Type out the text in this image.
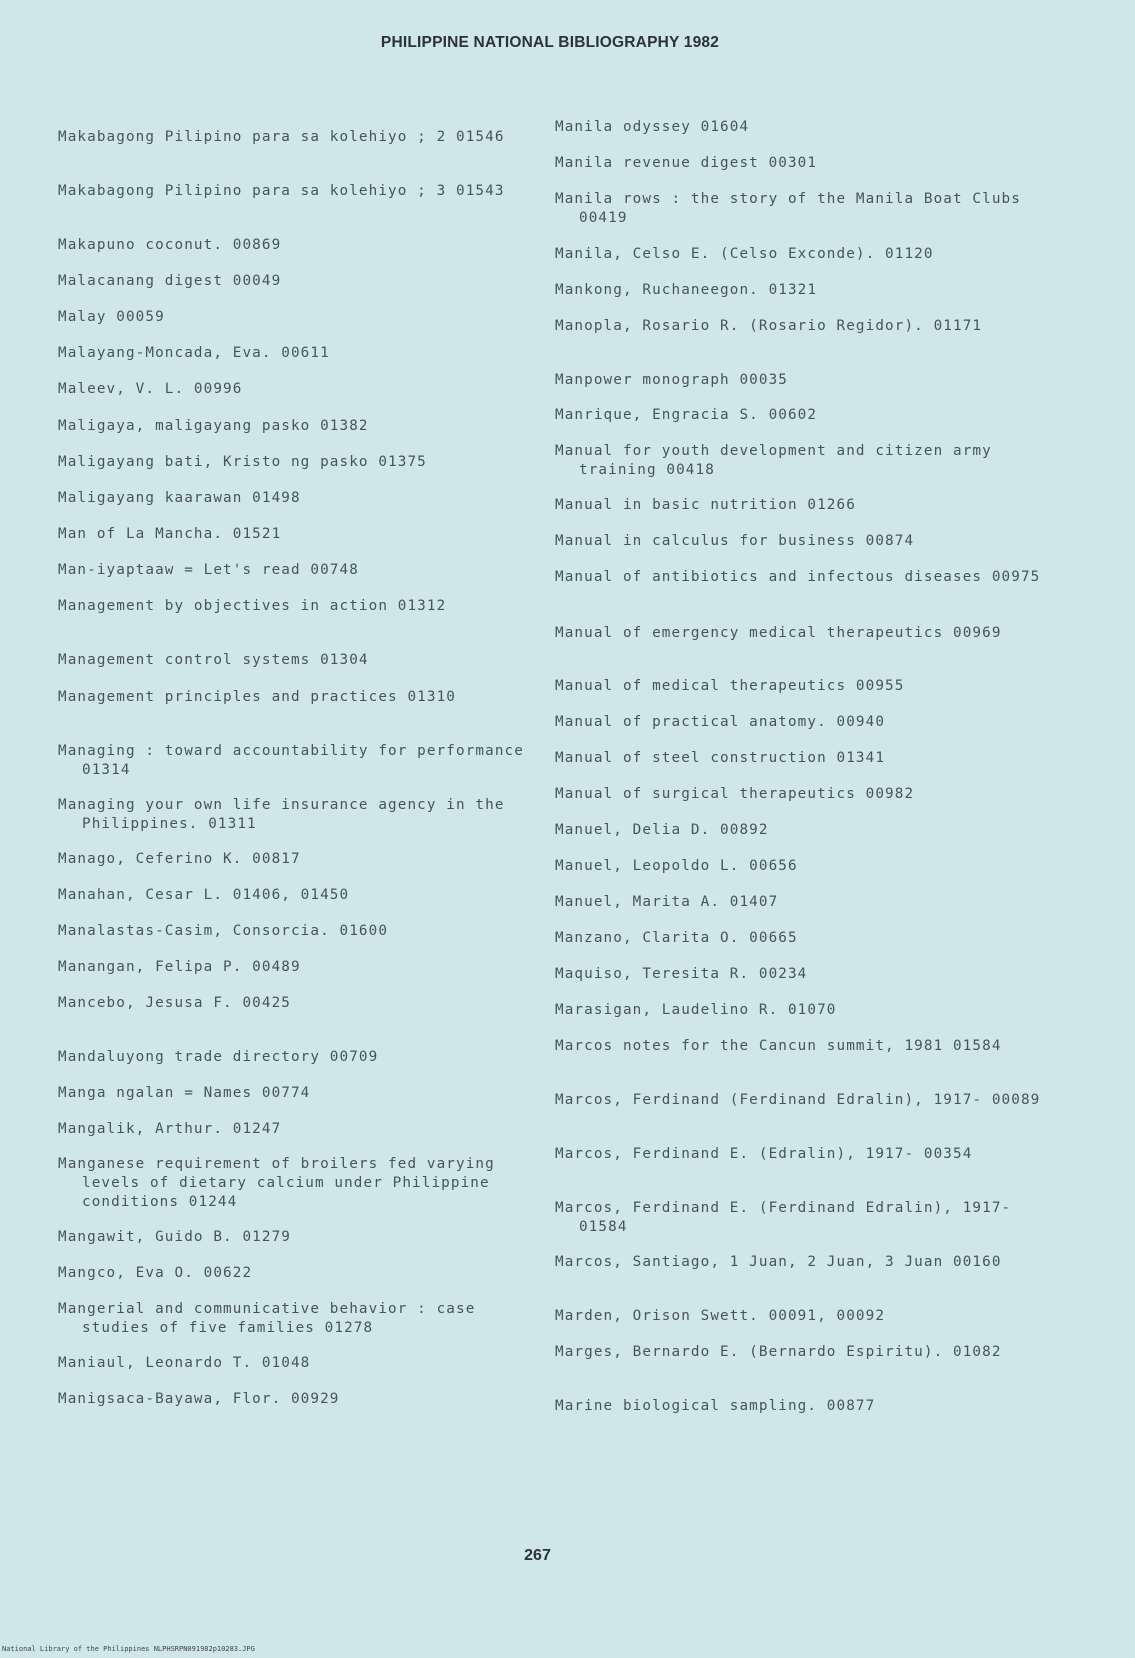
PHILIPPINE NATIONAL BIBLIOGRAPHY 1982
Makabagong Pilipino para sa kolehiyo ; 2 01546
Makabagong Pilipino para sa kolehiyo ; 3 01543
Makapuno coconut. 00869
Malacanang digest 00049
Malay 00059
Malayang-Moncada, Eva. 00611
Maleev, V. L. 00996
Maligaya, maligayang pasko 01382
Maligayang bati, Kristo ng pasko 01375
Maligayang kaarawan 01498
Man of La Mancha. 01521
Man-iyaptaaw = Let's read 00748
Management by objectives in action 01312
Management control systems 01304
Management principles and practices 01310
Managing : toward accountability for performance 01314
Managing your own life insurance agency in the Philippines. 01311
Manago, Ceferino K. 00817
Manahan, Cesar L. 01406, 01450
Manalastas-Casim, Consorcia. 01600
Manangan, Felipa P. 00489
Mancebo, Jesusa F. 00425
Mandaluyong trade directory 00709
Manga ngalan = Names 00774
Mangalik, Arthur. 01247
Manganese requirement of broilers fed varying levels of dietary calcium under Philippine conditions 01244
Mangawit, Guido B. 01279
Mangco, Eva O. 00622
Mangerial and communicative behavior : case studies of five families 01278
Maniaul, Leonardo T. 01048
Manigsaca-Bayawa, Flor. 00929
Manila odyssey 01604
Manila revenue digest 00301
Manila rows : the story of the Manila Boat Clubs 00419
Manila, Celso E. (Celso Exconde). 01120
Mankong, Ruchaneegon. 01321
Manopla, Rosario R. (Rosario Regidor). 01171
Manpower monograph 00035
Manrique, Engracia S. 00602
Manual for youth development and citizen army training 00418
Manual in basic nutrition 01266
Manual in calculus for business 00874
Manual of antibiotics and infectous diseases 00975
Manual of emergency medical therapeutics 00969
Manual of medical therapeutics 00955
Manual of practical anatomy. 00940
Manual of steel construction 01341
Manual of surgical therapeutics 00982
Manuel, Delia D. 00892
Manuel, Leopoldo L. 00656
Manuel, Marita A. 01407
Manzano, Clarita O. 00665
Maquiso, Teresita R. 00234
Marasigan, Laudelino R. 01070
Marcos notes for the Cancun summit, 1981 01584
Marcos, Ferdinand (Ferdinand Edralin), 1917- 00089
Marcos, Ferdinand E. (Edralin), 1917- 00354
Marcos, Ferdinand E. (Ferdinand Edralin), 1917- 01584
Marcos, Santiago, 1 Juan, 2 Juan, 3 Juan 00160
Marden, Orison Swett. 00091, 00092
Marges, Bernardo E. (Bernardo Espiritu). 01082
Marine biological sampling. 00877
267
National Library of the Philippines NLPHSRPN091982p10283.JPG
